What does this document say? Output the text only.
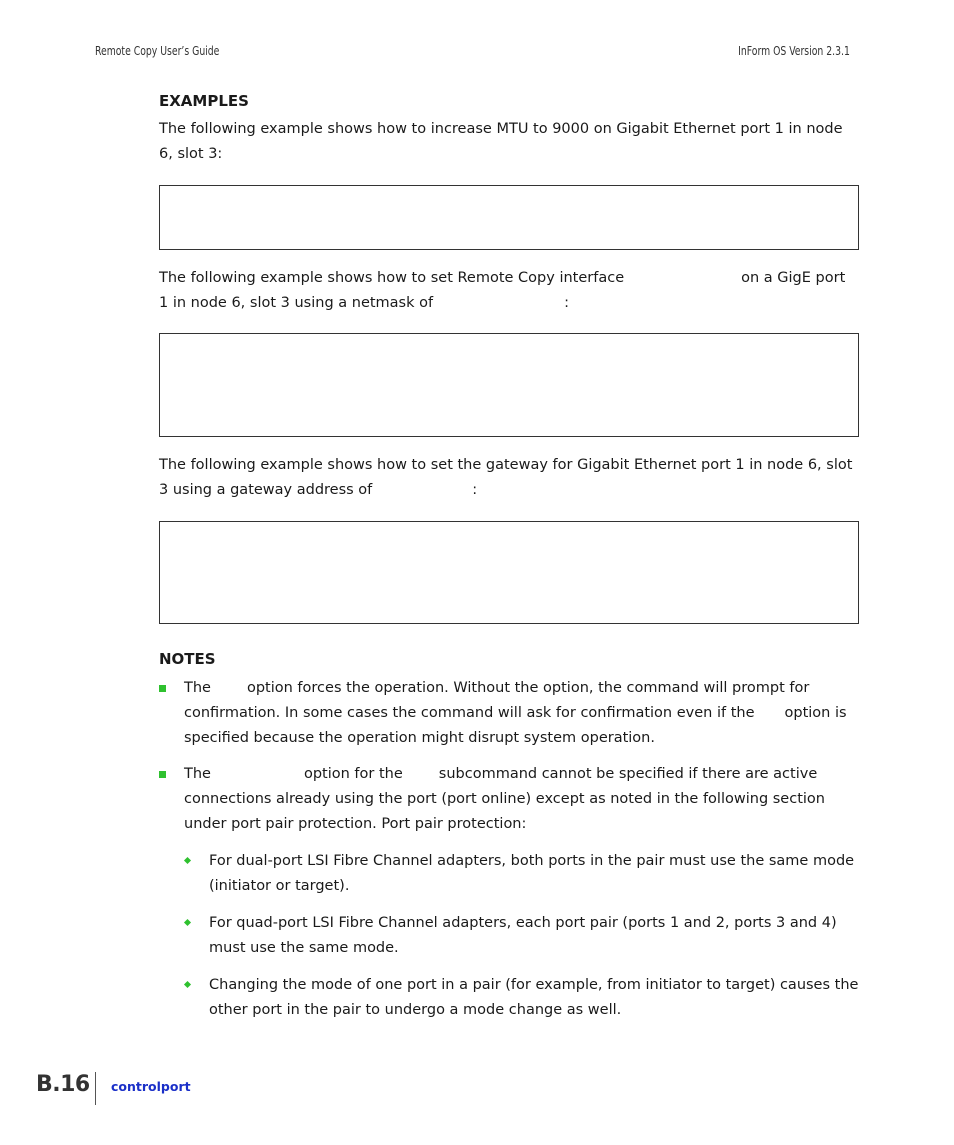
Remote Copy User’s Guide	InForm OS Version 2.3.1
EXAMPLES
The following example shows how to increase MTU to 9000 on Gigabit Ethernet port 1 in node 6, slot 3:
The following example shows how to set Remote Copy interface	on a GigE port 1 in node 6, slot 3 using a netmask of	:
The following example shows how to set the gateway for Gigabit Ethernet port 1 in node 6, slot 3 using a gateway address of	:
NOTES
The option forces the operation. Without the option, the command will prompt for confirmation. In some cases the command will ask for confirmation even if the option is specified because the operation might disrupt system operation.
The	option for the subcommand cannot be specified if there are active connections already using the port (port online) except as noted in the following section under port pair protection. Port pair protection:
For dual-port LSI Fibre Channel adapters, both ports in the pair must use the same mode (initiator or target).
For quad-port LSI Fibre Channel adapters, each port pair (ports 1 and 2, ports 3 and 4) must use the same mode.
Changing the mode of one port in a pair (for example, from initiator to target) causes the other port in the pair to undergo a mode change as well.
B.16 controlport
